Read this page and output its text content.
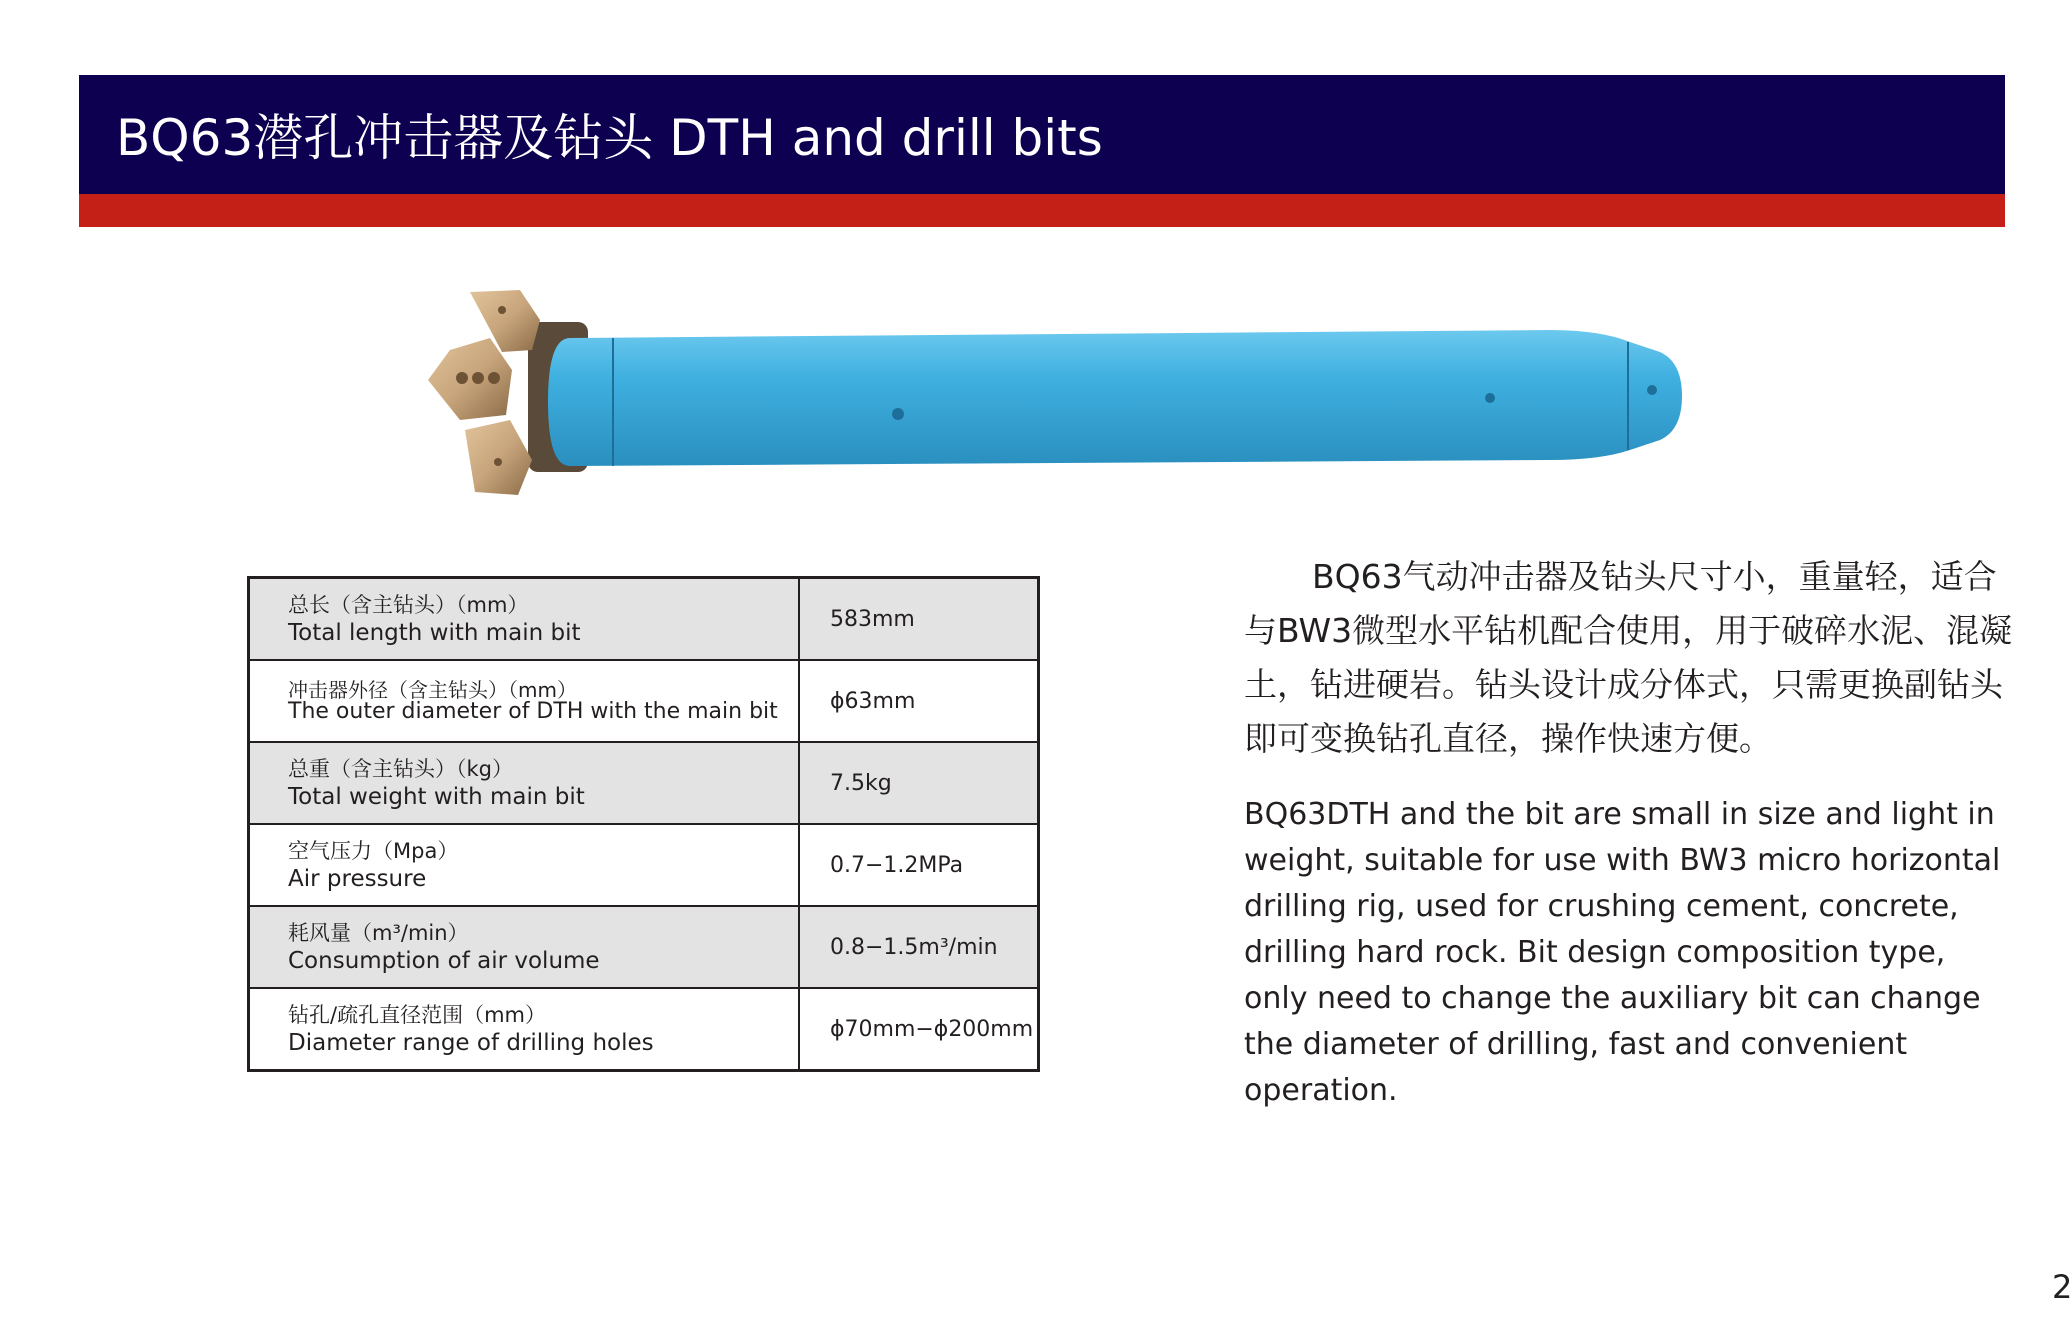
BQ63潜孔冲击器及钻头 DTH and drill bits
总长（含主钻头）（mm）
Total length with main bit	583mm

冲击器外径（含主钻头）（mm）
The outer diameter of DTH with the main bit	ɸ63mm

总重（含主钻头）（kg）
Total weight with main bit	7.5kg

空气压力（Mpa）
Air pressure	0.7−1.2MPa

耗风量（m³/min）
Consumption of air volume	0.8−1.5m³/min

钻孔/疏孔直径范围（mm）
Diameter range of drilling holes	ɸ70mm−ɸ200mm

BQ63气动冲击器及钻头尺寸小，重量轻，适合与BW3微型水平钻机配合使用，用于破碎水泥、混凝土，钻进硬岩。钻头设计成分体式，只需更换副钻头即可变换钻孔直径，操作快速方便。

BQ63DTH and the bit are small in size and light in weight, suitable for use with BW3 micro horizontal drilling rig, used for crushing cement, concrete, drilling hard rock. Bit design composition type, only need to change the auxiliary bit can change the diameter of drilling, fast and convenient operation.

2
